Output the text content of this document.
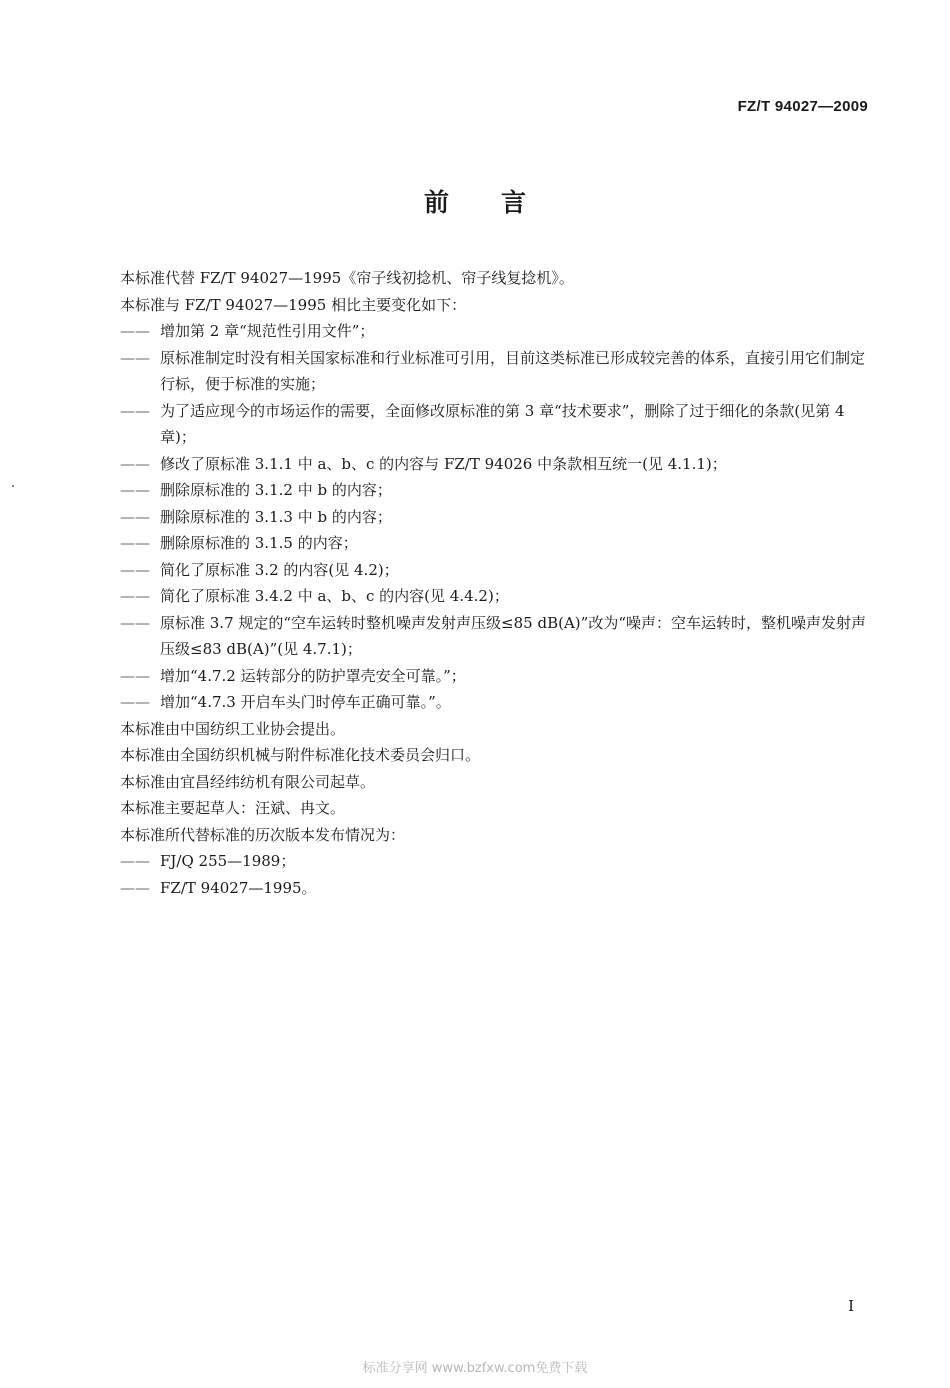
FZ/T 94027—2009
前言

本标准代替 FZ/T 94027—1995《帘子线初捻机、帘子线复捻机》。

本标准与 FZ/T 94027—1995 相比主要变化如下：

—— 增加第 2 章“规范性引用文件”；
—— 原标准制定时没有相关国家标准和行业标准可引用，目前这类标准已形成较完善的体系，直接引用它们制定行标，便于标准的实施；
—— 为了适应现今的市场运作的需要，全面修改原标准的第 3 章“技术要求”，删除了过于细化的条款(见第 4 章)；
—— 修改了原标准 3.1.1 中 a、b、c 的内容与 FZ/T 94026 中条款相互统一(见 4.1.1)；
—— 删除原标准的 3.1.2 中 b 的内容；
—— 删除原标准的 3.1.3 中 b 的内容；
—— 删除原标准的 3.1.5 的内容；
—— 简化了原标准 3.2 的内容(见 4.2)；
—— 简化了原标准 3.4.2 中 a、b、c 的内容(见 4.4.2)；
—— 原标准 3.7 规定的“空车运转时整机噪声发射声压级≤85 dB(A)”改为“噪声：空车运转时，整机噪声发射声压级≤83 dB(A)”(见 4.7.1)；
—— 增加“4.7.2 运转部分的防护罩壳安全可靠。”；
—— 增加“4.7.3 开启车头门时停车正确可靠。”。

本标准由中国纺织工业协会提出。

本标准由全国纺织机械与附件标准化技术委员会归口。

本标准由宜昌经纬纺机有限公司起草。

本标准主要起草人：汪斌、冉文。

本标准所代替标准的历次版本发布情况为：

—— FJ/Q 255—1989；
—— FZ/T 94027—1995。
I
标准分享网 www.bzfxw.com免费下载
